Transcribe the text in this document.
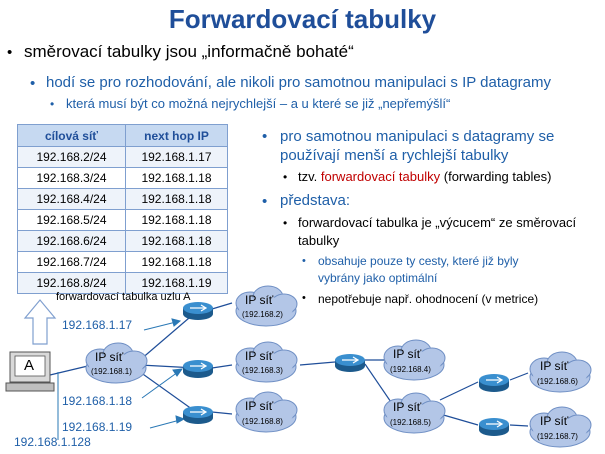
Forwardovací tabulky
• směrovací tabulky jsou „informačně bohaté“
• hodí se pro rozhodování, ale nikoli pro samotnou manipulaci s IP datagramy
• která musí být co možná nejrychlejší – a u které se již „nepřemýšlí“
cílová síť	next hop IP
192.168.2/24	192.168.1.17
192.168.3/24	192.168.1.18
192.168.4/24	192.168.1.18
192.168.5/24	192.168.1.18
192.168.6/24	192.168.1.18
192.168.7/24	192.168.1.18
192.168.8/24	192.168.1.19
forwardovací tabulka uzlu A
• pro samotnou manipulaci s datagramy se
používají menší a rychlejší tabulky
• tzv. forwardovací tabulky (forwarding tables)
• představa:
• forwardovací tabulka je „výcucem“ ze směrovací
tabulky
• obsahuje pouze ty cesty, které již byly
vybrány jako optimální
• nepotřebuje např. ohodnocení (v metrice)
IP síť
(192.168.1)
IP síť
(192.168.2)
IP síť
(192.168.3)
IP síť
(192.168.8)
IP síť
(192.168.4)
IP síť
(192.168.5)
IP síť
(192.168.6)
IP síť
(192.168.7)
A
192.168.1.17
192.168.1.18
192.168.1.19
192.168.1.128
